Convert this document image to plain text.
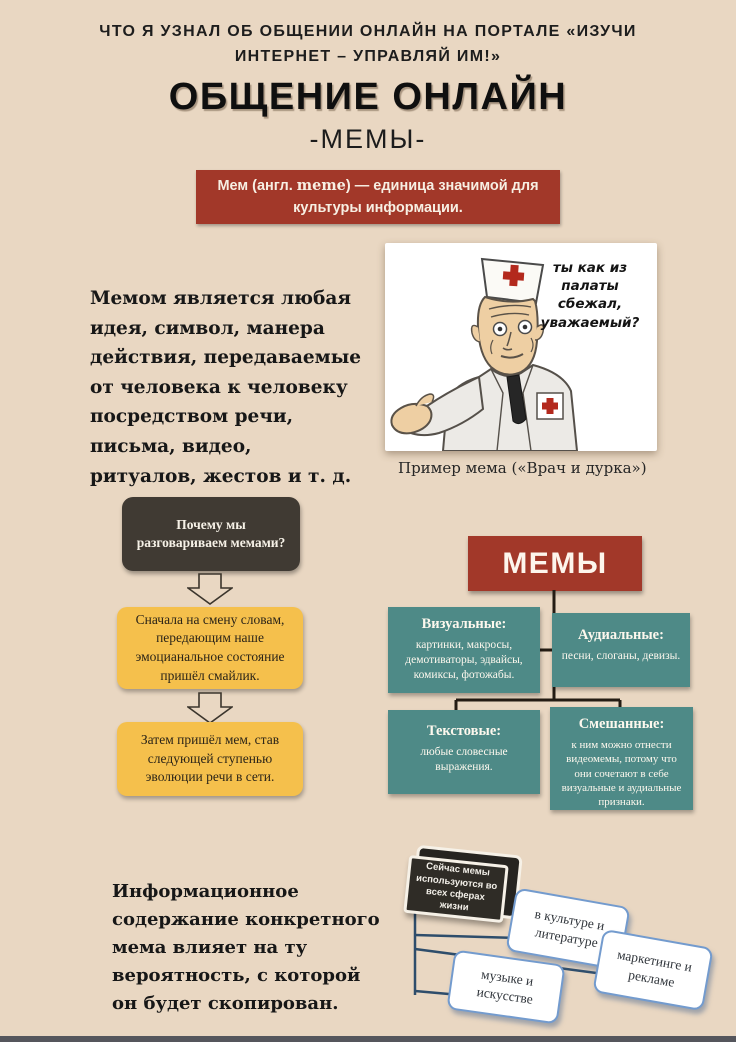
ЧТО Я УЗНАЛ ОБ ОБЩЕНИИ ОНЛАЙН НА ПОРТАЛЕ «ИЗУЧИ ИНТЕРНЕТ – УПРАВЛЯЙ ИМ!»
ОБЩЕНИЕ ОНЛАЙН
-МЕМЫ-
Мем (англ. meme) — единица значимой для культуры информации.
Мемом является любая идея, символ, манера действия, передаваемые от человека к человеку посредством речи, письма, видео, ритуалов, жестов и т. д.
ты как из палаты сбежал, уважаемый?
Пример мема («Врач и дурка»)
Почему мы разговариваем мемами?
Сначала на смену словам, передающим наше эмоцианальное состояние пришёл смайлик.
Затем пришёл мем, став следующей ступенью эволюции речи в сети.
МЕМЫ
Визуальные:
картинки, макросы, демотиваторы, эдвайсы, комиксы, фотожабы.
Аудиальные:
песни, слоганы, девизы.
Текстовые:
любые словесные выражения.
Смешанные:
к ним можно отнести видеомемы, потому что они сочетают в себе визуальные и аудиальные признаки.
Информационное содержание конкретного мема влияет на ту вероятность, с которой он будет скопирован.
Сейчас мемы используются во всех сферах жизни	в культуре и литературе
маркетинге и рекламе
музыке и искусстве
